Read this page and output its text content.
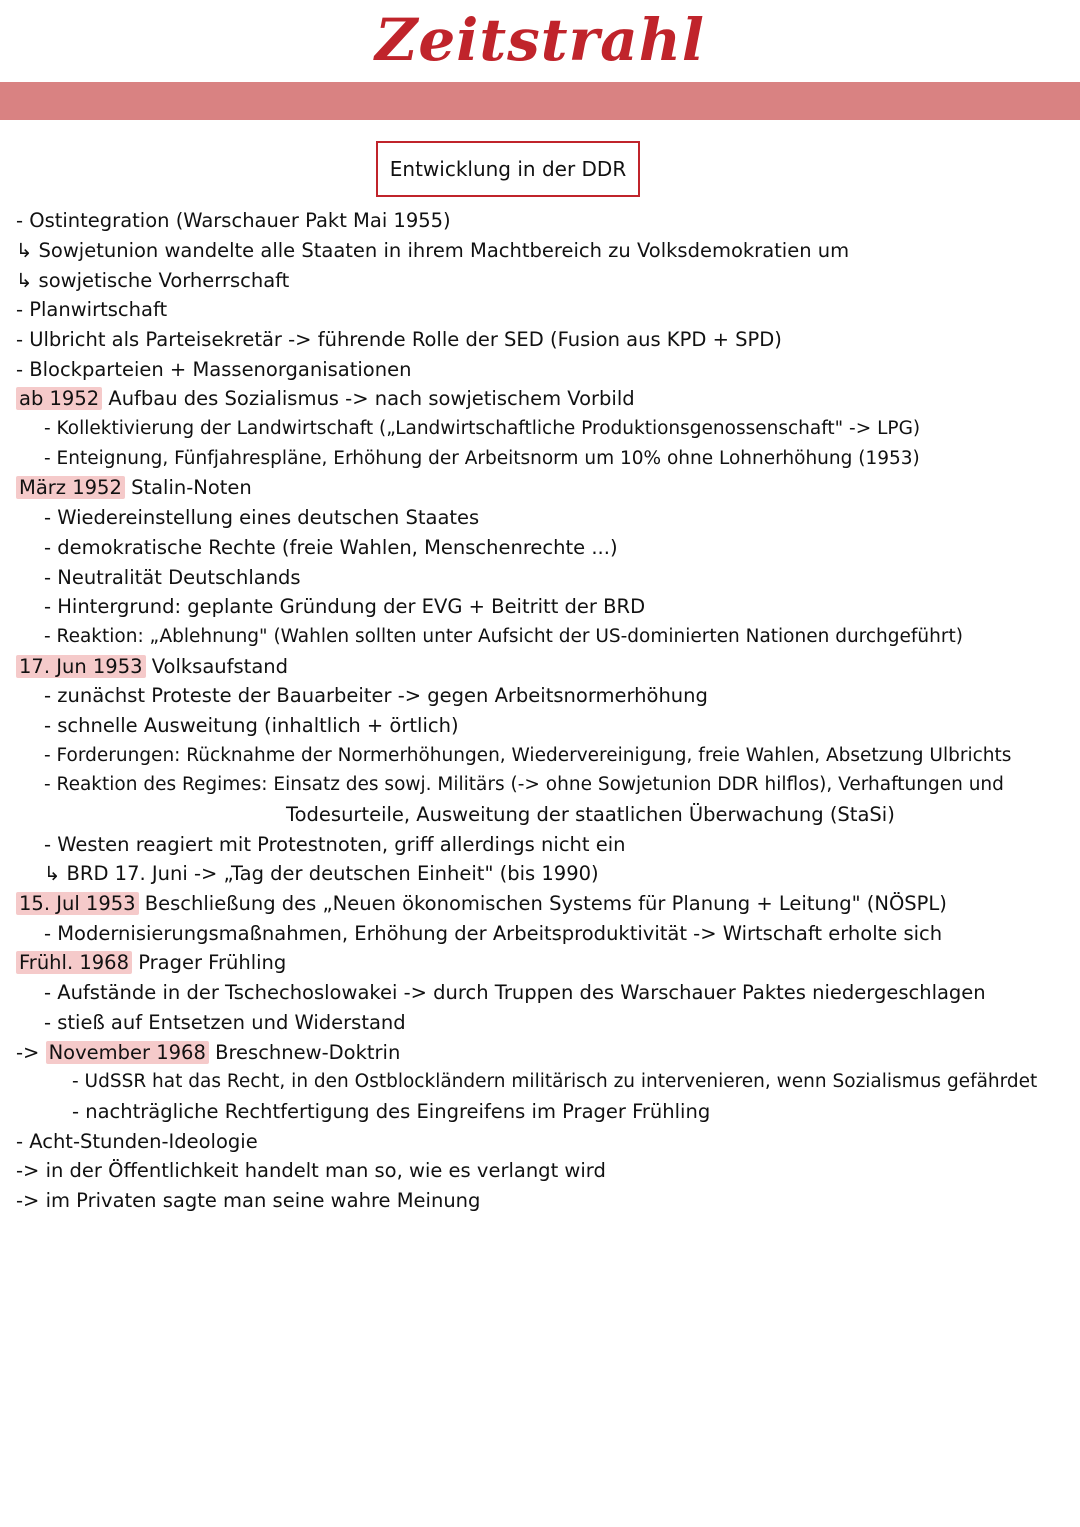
Zeitstrahl
Entwicklung in der DDR
- Ostintegration (Warschauer Pakt Mai 1955)
↳ Sowjetunion wandelte alle Staaten in ihrem Machtbereich zu Volksdemokratien um
↳ sowjetische Vorherrschaft
- Planwirtschaft
- Ulbricht als Parteisekretär -> führende Rolle der SED (Fusion aus KPD + SPD)
- Blockparteien + Massenorganisationen
ab 1952 Aufbau des Sozialismus -> nach sowjetischem Vorbild
- Kollektivierung der Landwirtschaft („Landwirtschaftliche Produktionsgenossenschaft" -> LPG)
- Enteignung, Fünfjahrespläne, Erhöhung der Arbeitsnorm um 10% ohne Lohnerhöhung (1953)
März 1952 Stalin-Noten
- Wiedereinstellung eines deutschen Staates
- demokratische Rechte (freie Wahlen, Menschenrechte ...)
- Neutralität Deutschlands
- Hintergrund: geplante Gründung der EVG + Beitritt der BRD
- Reaktion: „Ablehnung" (Wahlen sollten unter Aufsicht der US-dominierten Nationen durchgeführt)
17. Jun 1953 Volksaufstand
- zunächst Proteste der Bauarbeiter -> gegen Arbeitsnormerhöhung
- schnelle Ausweitung (inhaltlich + örtlich)
- Forderungen: Rücknahme der Normerhöhungen, Wiedervereinigung, freie Wahlen, Absetzung Ulbrichts
- Reaktion des Regimes: Einsatz des sowj. Militärs (-> ohne Sowjetunion DDR hilflos), Verhaftungen und
Todesurteile, Ausweitung der staatlichen Überwachung (StaSi)
- Westen reagiert mit Protestnoten, griff allerdings nicht ein
↳ BRD 17. Juni -> „Tag der deutschen Einheit" (bis 1990)
15. Jul 1953 Beschließung des „Neuen ökonomischen Systems für Planung + Leitung" (NÖSPL)
- Modernisierungsmaßnahmen, Erhöhung der Arbeitsproduktivität -> Wirtschaft erholte sich
Frühl. 1968 Prager Frühling
- Aufstände in der Tschechoslowakei -> durch Truppen des Warschauer Paktes niedergeschlagen
- stieß auf Entsetzen und Widerstand
-> November 1968 Breschnew-Doktrin
- UdSSR hat das Recht, in den Ostblockländern militärisch zu intervenieren, wenn Sozialismus gefährdet
- nachträgliche Rechtfertigung des Eingreifens im Prager Frühling
- Acht-Stunden-Ideologie
-> in der Öffentlichkeit handelt man so, wie es verlangt wird
-> im Privaten sagte man seine wahre Meinung
